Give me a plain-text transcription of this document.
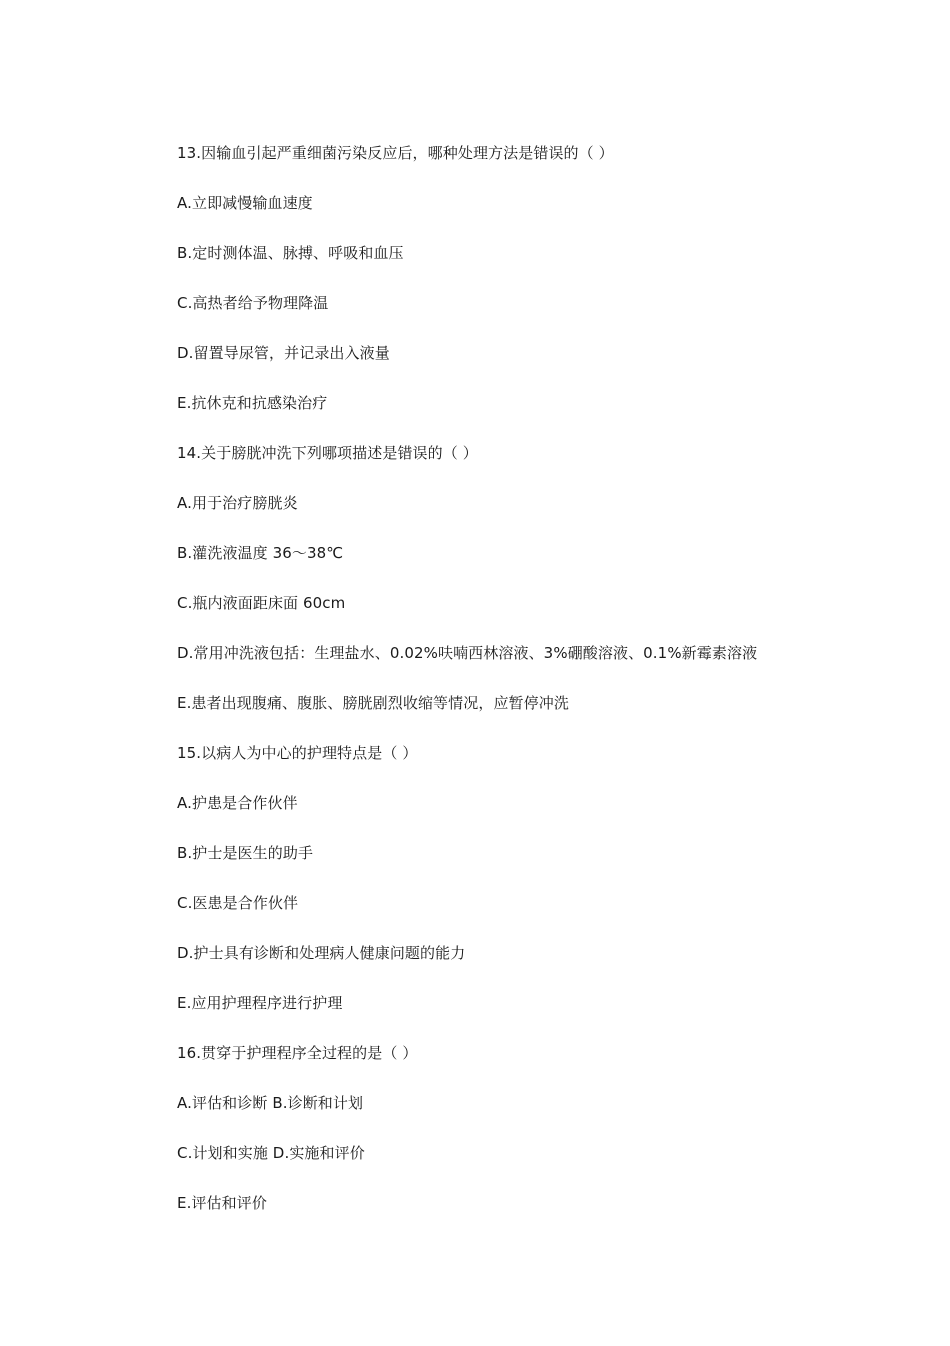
13.因输血引起严重细菌污染反应后，哪种处理方法是错误的（ ）
A.立即减慢输血速度
B.定时测体温、脉搏、呼吸和血压
C.高热者给予物理降温
D.留置导尿管，并记录出入液量
E.抗休克和抗感染治疗
14.关于膀胱冲洗下列哪项描述是错误的（ ）
A.用于治疗膀胱炎
B.灌洗液温度 36～38℃
C.瓶内液面距床面 60cm
D.常用冲洗液包括：生理盐水、0.02%呋喃西林溶液、3%硼酸溶液、0.1%新霉素溶液
E.患者出现腹痛、腹胀、膀胱剧烈收缩等情况，应暂停冲洗
15.以病人为中心的护理特点是（ ）
A.护患是合作伙伴
B.护士是医生的助手
C.医患是合作伙伴
D.护士具有诊断和处理病人健康问题的能力
E.应用护理程序进行护理
16.贯穿于护理程序全过程的是（ ）
A.评估和诊断 B.诊断和计划
C.计划和实施 D.实施和评价
E.评估和评价
